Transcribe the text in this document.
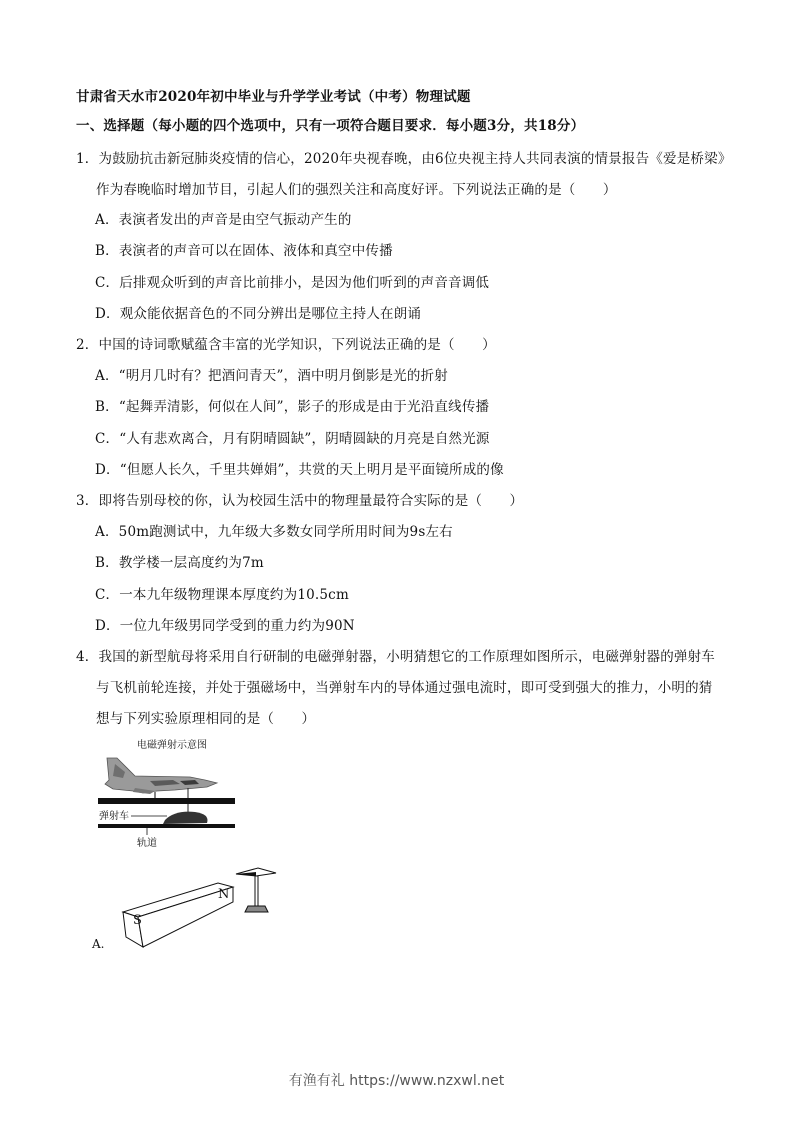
甘肃省天水市2020年初中毕业与升学学业考试（中考）物理试题
一、选择题（每小题的四个选项中，只有一项符合题目要求．每小题3分，共18分）
1．为鼓励抗击新冠肺炎疫情的信心，2020年央视春晚，由6位央视主持人共同表演的情景报告《爱是桥梁》
作为春晚临时增加节目，引起人们的强烈关注和高度好评。下列说法正确的是（　　）
A．表演者发出的声音是由空气振动产生的
B．表演者的声音可以在固体、液体和真空中传播
C．后排观众听到的声音比前排小，是因为他们听到的声音音调低
D．观众能依据音色的不同分辨出是哪位主持人在朗诵
2．中国的诗词歌赋蕴含丰富的光学知识，下列说法正确的是（　　）
A．“明月几时有？把酒问青天”，酒中明月倒影是光的折射
B．“起舞弄清影，何似在人间”，影子的形成是由于光沿直线传播
C．“人有悲欢离合，月有阴晴圆缺”，阴晴圆缺的月亮是自然光源
D．“但愿人长久，千里共婵娟”，共赏的天上明月是平面镜所成的像
3．即将告别母校的你，认为校园生活中的物理量最符合实际的是（　　）
A．50m跑测试中，九年级大多数女同学所用时间为9s左右
B．教学楼一层高度约为7m
C．一本九年级物理课本厚度约为10.5cm
D．一位九年级男同学受到的重力约为90N
4．我国的新型航母将采用自行研制的电磁弹射器，小明猜想它的工作原理如图所示，电磁弹射器的弹射车
与飞机前轮连接，并处于强磁场中，当弹射车内的导体通过强电流时，即可受到强大的推力，小明的猜
想与下列实验原理相同的是（　　）
电磁弹射示意图
弹射车
轨道
S
N
A.
有渔有礼 https://www.nzxwl.net
